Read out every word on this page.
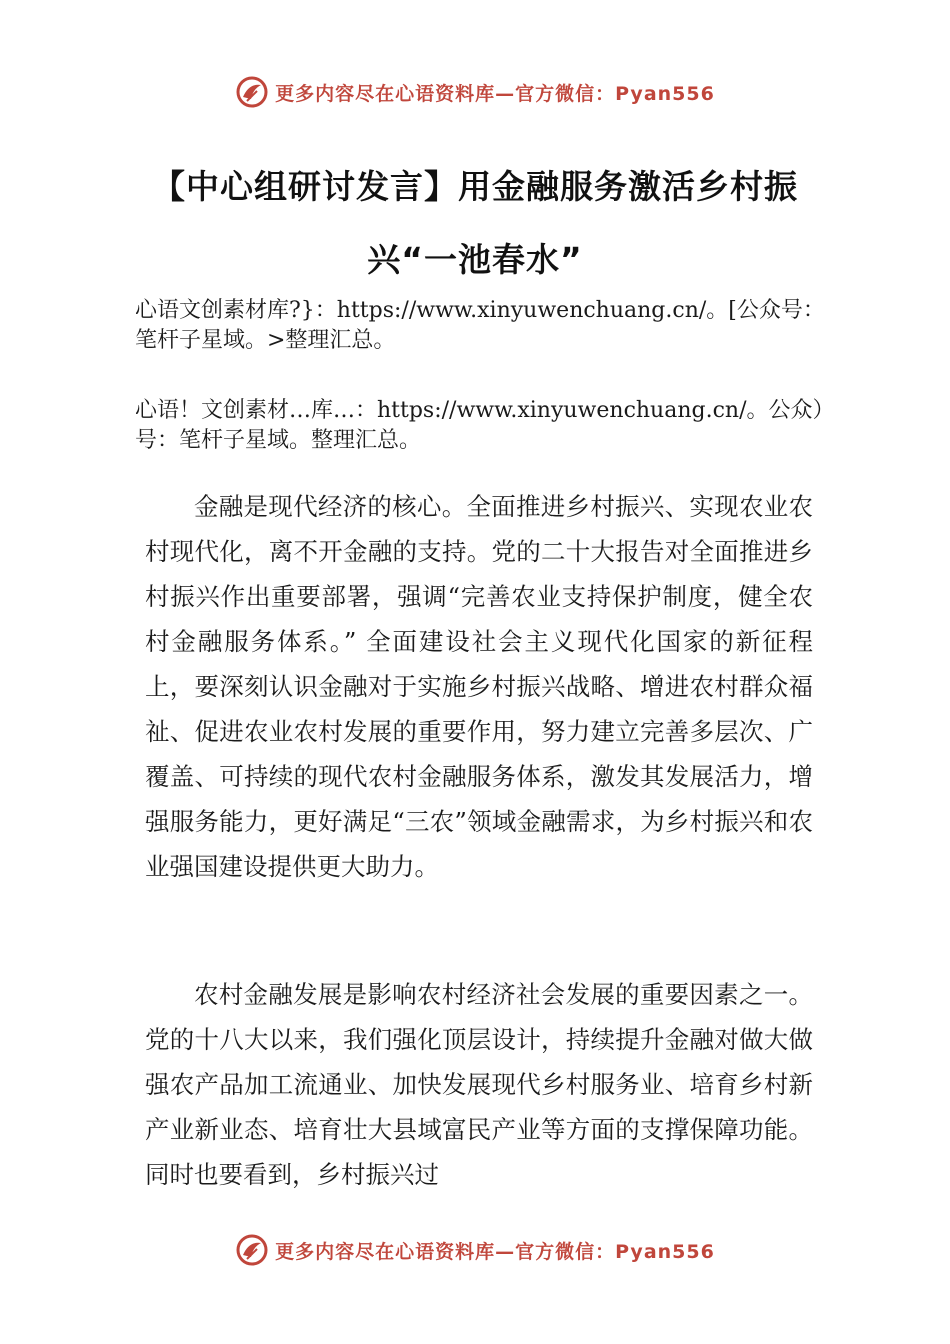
更多内容尽在心语资料库—官方微信：Pyan556
【中心组研讨发言】用金融服务激活乡村振
兴“一池春水”
心语文创素材库?}：https://www.xinyuwenchuang.cn/。[公众号：笔杆子星域。>整理汇总。
心语！文创素材…库…：https://www.xinyuwenchuang.cn/。公众）号：笔杆子星域。整理汇总。

金融是现代经济的核心。全面推进乡村振兴、实现农业农村现代化，离不开金融的支持。党的二十大报告对全面推进乡村振兴作出重要部署，强调“完善农业支持保护制度，健全农村金融服务体系。” 全面建设社会主义现代化国家的新征程上，要深刻认识金融对于实施乡村振兴战略、增进农村群众福祉、促进农业农村发展的重要作用，努力建立完善多层次、广覆盖、可持续的现代农村金融服务体系，激发其发展活力，增强服务能力，更好满足“三农”领域金融需求，为乡村振兴和农业强国建设提供更大助力。

农村金融发展是影响农村经济社会发展的重要因素之一。党的十八大以来，我们强化顶层设计，持续提升金融对做大做强农产品加工流通业、加快发展现代乡村服务业、培育乡村新产业新业态、培育壮大县域富民产业等方面的支撑保障功能。同时也要看到，乡村振兴过

更多内容尽在心语资料库—官方微信：Pyan556
